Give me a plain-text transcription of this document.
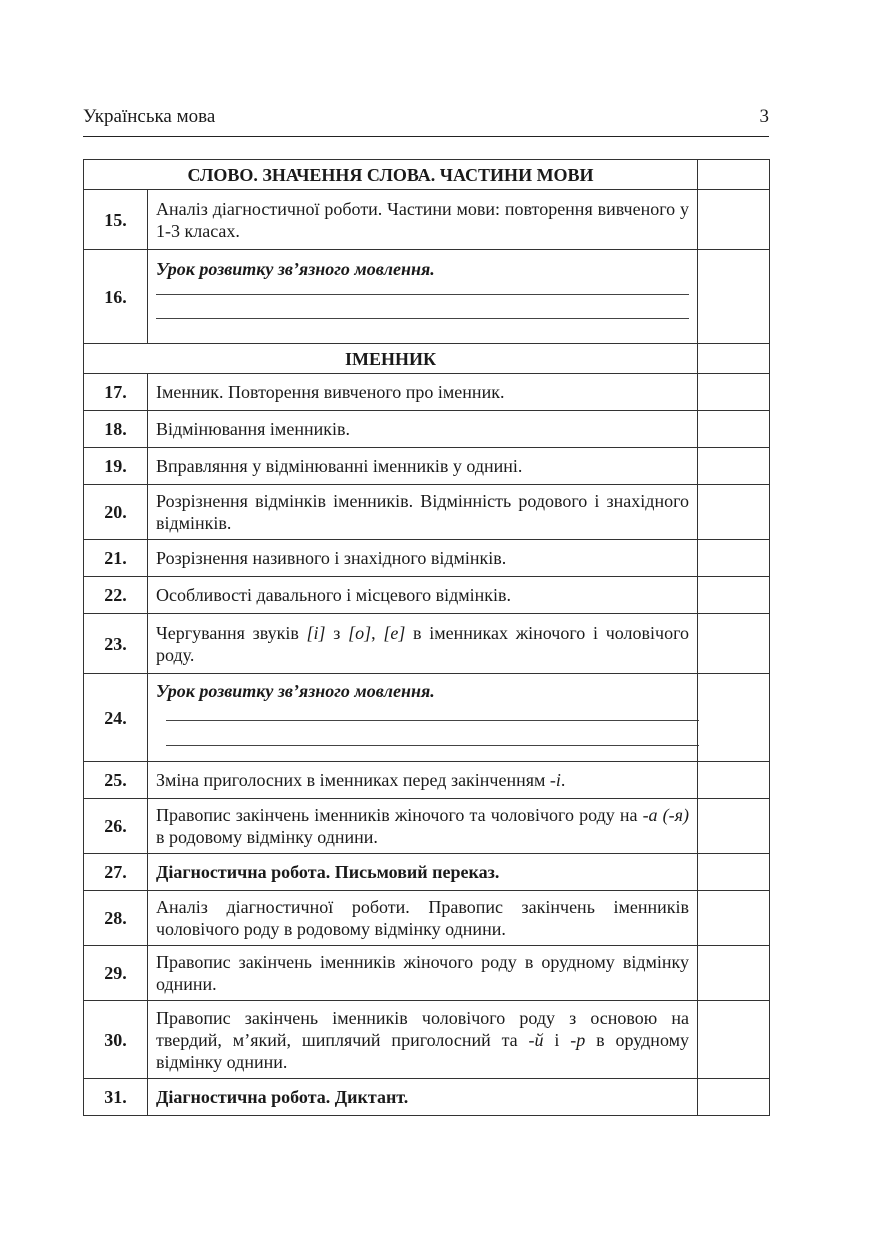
Українська мова	3
СЛОВО. ЗНАЧЕННЯ СЛОВА. ЧАСТИНИ МОВИ		
15.	Аналіз діагностичної роботи. Частини мови: повторення вивченого у 1-3 класах.	
16.	Урок розвитку зв’язного мовлення.	

ІМЕННИК		
17.	Іменник. Повторення вивченого про іменник.	
18.	Відмінювання іменників.	
19.	Вправляння у відмінюванні іменників у однині.	
20.	Розрізнення відмінків іменників. Відмінність родового і знахідного відмінків.	
21.	Розрізнення називного і знахідного відмінків.	
22.	Особливості давального і місцевого відмінків.	
23.	Чергування звуків [і] з [о], [е] в іменниках жіночого і чоловічого роду.	
24.	Урок розвитку зв’язного мовлення.	

25.	Зміна приголосних в іменниках перед закінченням -і.	
26.	Правопис закінчень іменників жіночого та чоловічого роду на -а (-я) в родовому відмінку однини.	
27.	Діагностична робота. Письмовий переказ.	
28.	Аналіз діагностичної роботи. Правопис закінчень іменників чоловічого роду в родовому відмінку однини.	
29.	Правопис закінчень іменників жіночого роду в орудному відмінку однини.	
30.	Правопис закінчень іменників чоловічого роду з основою на твердий, м’який, шиплячий приголосний та -й і -р в орудному відмінку однини.	
31.	Діагностична робота. Диктант.	
